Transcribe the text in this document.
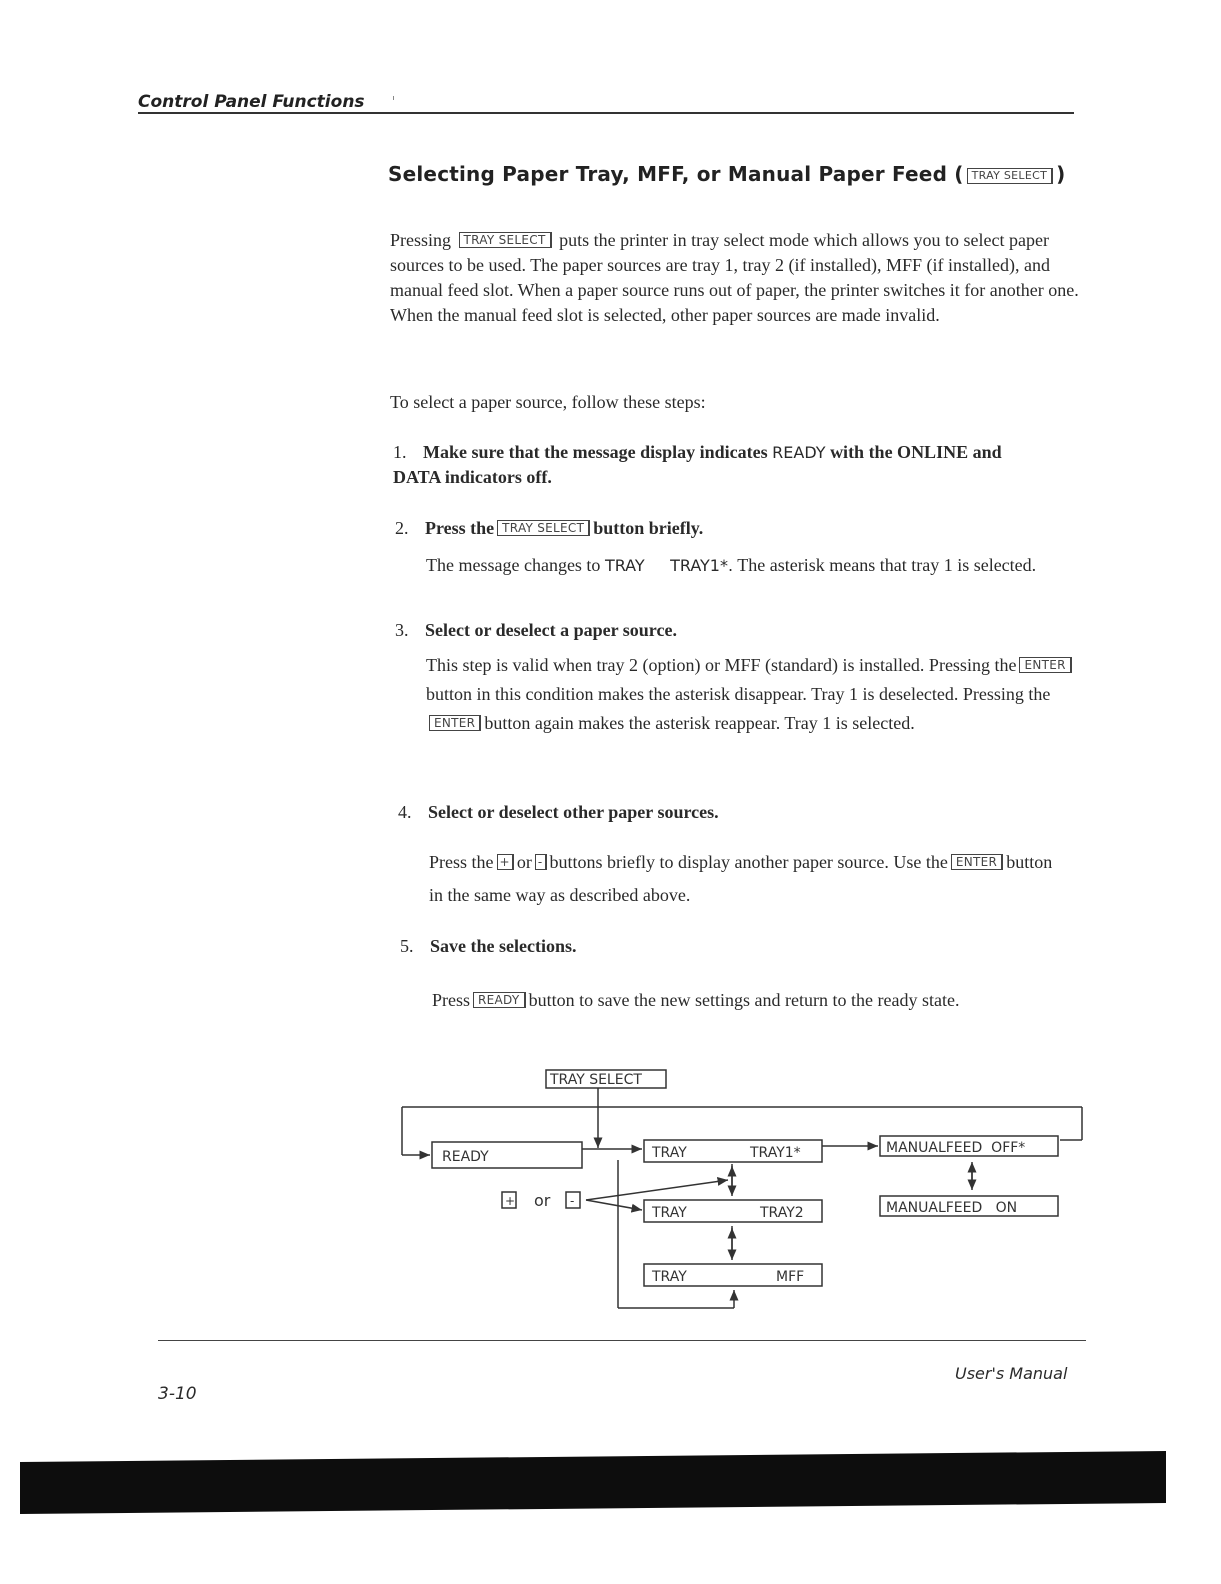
Control Panel Functions
Selecting Paper Tray, MFF, or Manual Paper Feed ( TRAY SELECT )
Pressing TRAY SELECT puts the printer in tray select mode which allows you to select paper sources to be used. The paper sources are tray 1, tray 2 (if installed), MFF (if installed), and manual feed slot. When a paper source runs out of paper, the printer switches it for another one. When the manual feed slot is selected, other paper sources are made invalid.
To select a paper source, follow these steps:
1. Make sure that the message display indicates READY with the ONLINE and DATA indicators off.
2. Press the TRAY SELECT button briefly.
The message changes to TRAY     TRAY1*. The asterisk means that tray 1 is selected.
3. Select or deselect a paper source.
This step is valid when tray 2 (option) or MFF (standard) is installed. Pressing the ENTERbutton in this condition makes the asterisk disappear. Tray 1 is deselected. Pressing theENTER button again makes the asterisk reappear. Tray 1 is selected.
4. Select or deselect other paper sources.
Press the + or - buttons briefly to display another paper source. Use the ENTER button in the same way as described above.
5. Save the selections.
Press READY button to save the new settings and return to the ready state.
TRAY SELECT
READY	TRAY	TRAY1*	MANUALFEED  OFF*
MANUALFEED   ON
TRAY	TRAY2
TRAY	MFF
+ or -
User's Manual
3-10
